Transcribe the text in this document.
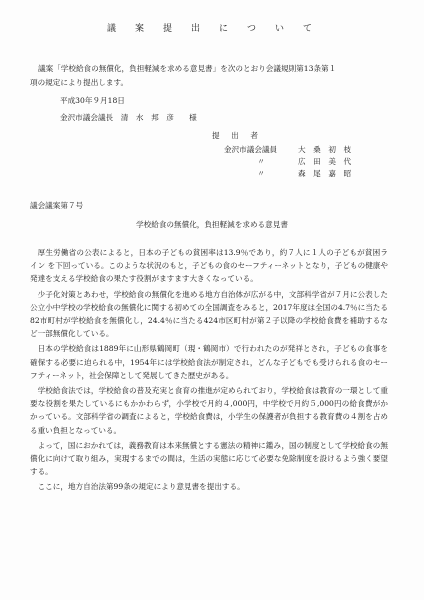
議　案　提　出　に　つ　い　て
議案「学校給食の無償化，負担軽減を求める意見書」を次のとおり会議規則第13条第１
項の規定により提出します。
平成30年９月18日
金沢市議会議長　清　水　邦　彦　　様
提　出　者
金沢市議会議員	大　桑　初　枝
〃	広　田　美　代
〃	森　尾　嘉　昭
議会議案第７号
学校給食の無償化，負担軽減を求める意見書

厚生労働省の公表によると，日本の子どもの貧困率は13.9％であり，約７人に１人の子どもが貧困ライン を下回っている。このような状況のもと，子どもの食のセーフティーネットとなり，子どもの健康や発達を支える学校給食の果たす役割がますます大きくなっている。

少子化対策とあわせ，学校給食の無償化を進める地方自治体が広がる中，文部科学省が７月に公表した公立小中学校の学校給食の無償化に関する初めての全国調査をみると，2017年度は全国の4.7％に当たる82市町村が学校給食を無償化し，24.4％に当たる424市区町村が第２子以降の学校給食費を補助するなど一部無償化している。

日本の学校給食は1889年に山形県鶴岡町（現・鶴岡市）で行われたのが発祥とされ，子どもの食事を確保する必要に迫られる中，1954年には学校給食法が制定され，どんな子どもでも受けられる食のセーフティーネット，社会保障として発展してきた歴史がある。

学校給食法では，学校給食の普及充実と食育の推進が定められており，学校給食は教育の一環として重要な役割を果たしているにもかかわらず，小学校で月約４,000円，中学校で月約５,000円の給食費がかかっている。文部科学省の調査によると，学校給食費は，小学生の保護者が負担する教育費の４割を占める重い負担となっている。

よって，国におかれては，義務教育は本来無償とする憲法の精神に鑑み，国の制度として学校給食の無償化に向けて取り組み，実現するまでの間は，生活の実態に応じて必要な免除制度を設けるよう強く要望する。

ここに，地方自治法第99条の規定により意見書を提出する。
